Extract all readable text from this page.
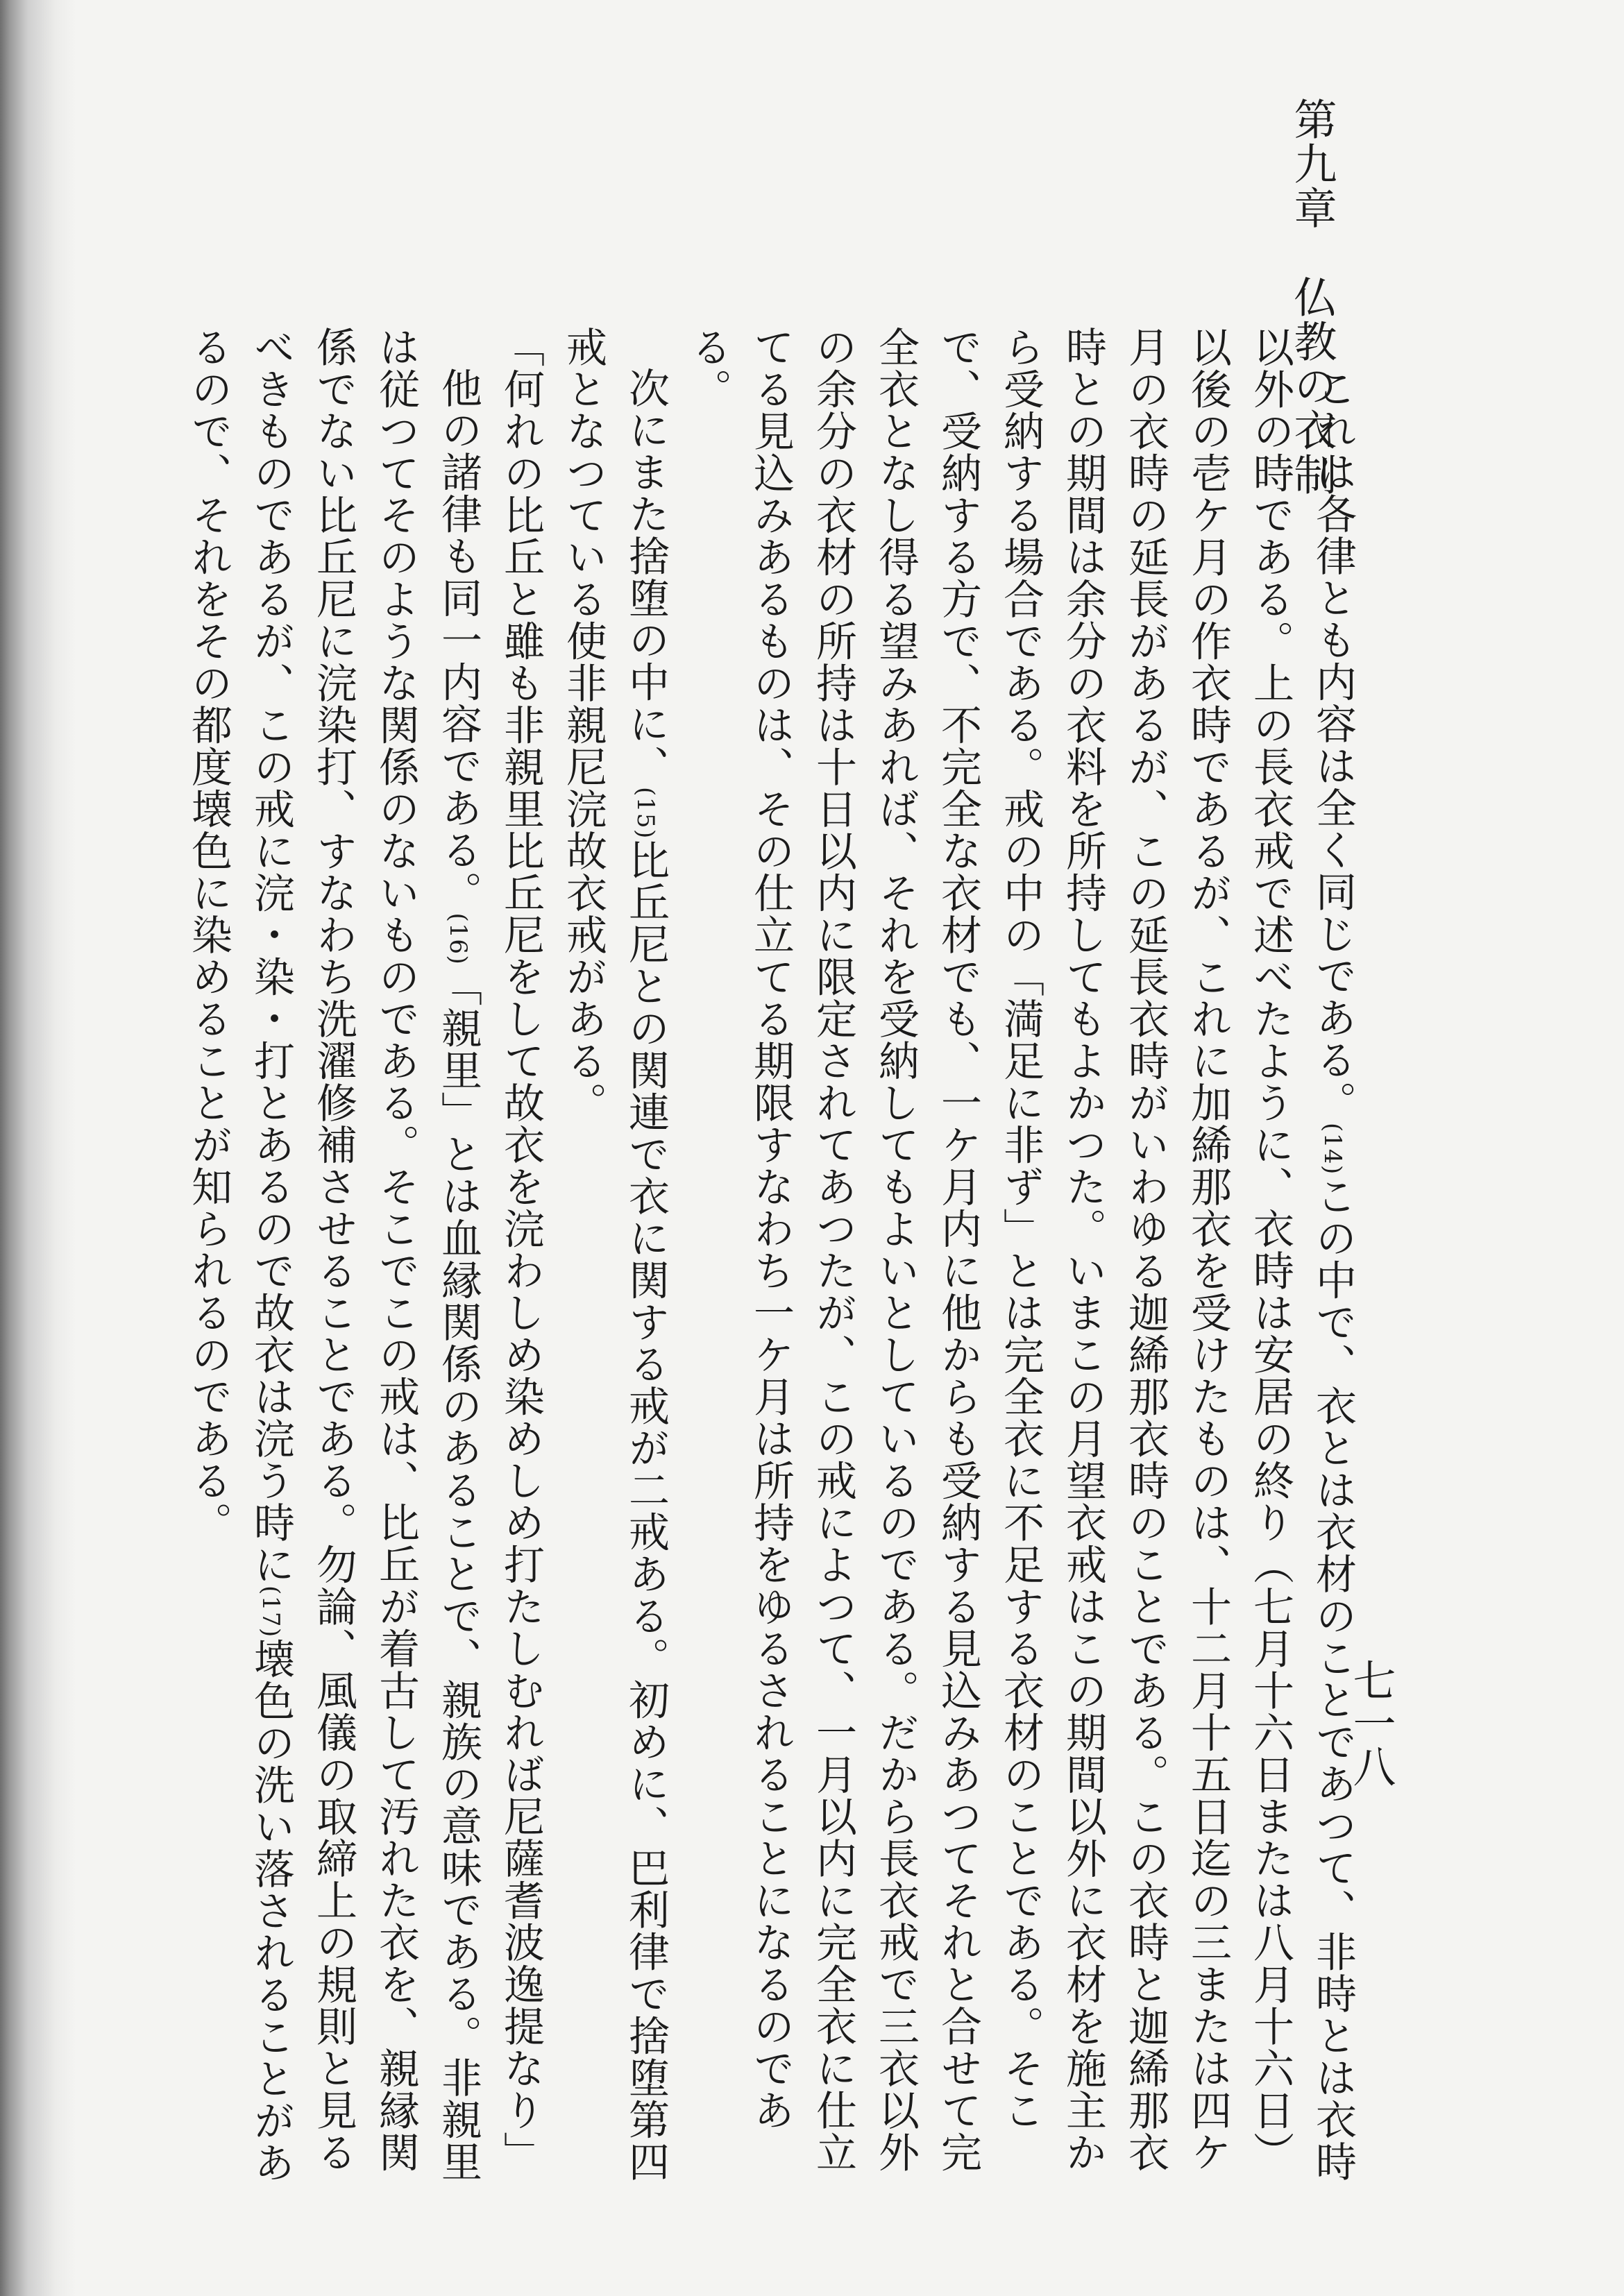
第九章　仏教の衣制
七一八

これは各律とも内容は全く同じである。(14)この中で、衣とは衣材のことであつて、非時とは衣時以外の時である。上の長衣戒で述べたように、衣時は安居の終り（七月十六日または八月十六日）以後の壱ケ月の作衣時であるが、これに加絺那衣を受けたものは、十二月十五日迄の三または四ケ月の衣時の延長があるが、この延長衣時がいわゆる迦絺那衣時のことである。この衣時と迦絺那衣時との期間は余分の衣料を所持してもよかつた。いまこの月望衣戒はこの期間以外に衣材を施主から受納する場合である。戒の中の「満足に非ず」とは完全衣に不足する衣材のことである。そこで、受納する方で、不完全な衣材でも、一ケ月内に他からも受納する見込みあつてそれと合せて完全衣となし得る望みあれば、それを受納してもよいとしているのである。だから長衣戒で三衣以外の余分の衣材の所持は十日以内に限定されてあつたが、この戒によつて、一月以内に完全衣に仕立てる見込みあるものは、その仕立てる期限すなわち一ケ月は所持をゆるされることになるのである。

次にまた捨堕の中に、(15)比丘尼との関連で衣に関する戒が二戒ある。初めに、巴利律で捨堕第四戒となつている使非親尼浣故衣戒がある。

「何れの比丘と雖も非親里比丘尼をして故衣を浣わしめ染めしめ打たしむれば尼薩耆波逸提なり」

他の諸律も同一内容である。(16)「親里」とは血縁関係のあることで、親族の意味である。非親里は従つてそのような関係のないものである。そこでこの戒は、比丘が着古して汚れた衣を、親縁関係でない比丘尼に浣染打、すなわち洗濯修補させることである。勿論、風儀の取締上の規則と見るべきものであるが、この戒に浣・染・打とあるので故衣は浣う時に(17)壊色の洗い落されることがあるので、それをその都度壊色に染めることが知られるのである。
